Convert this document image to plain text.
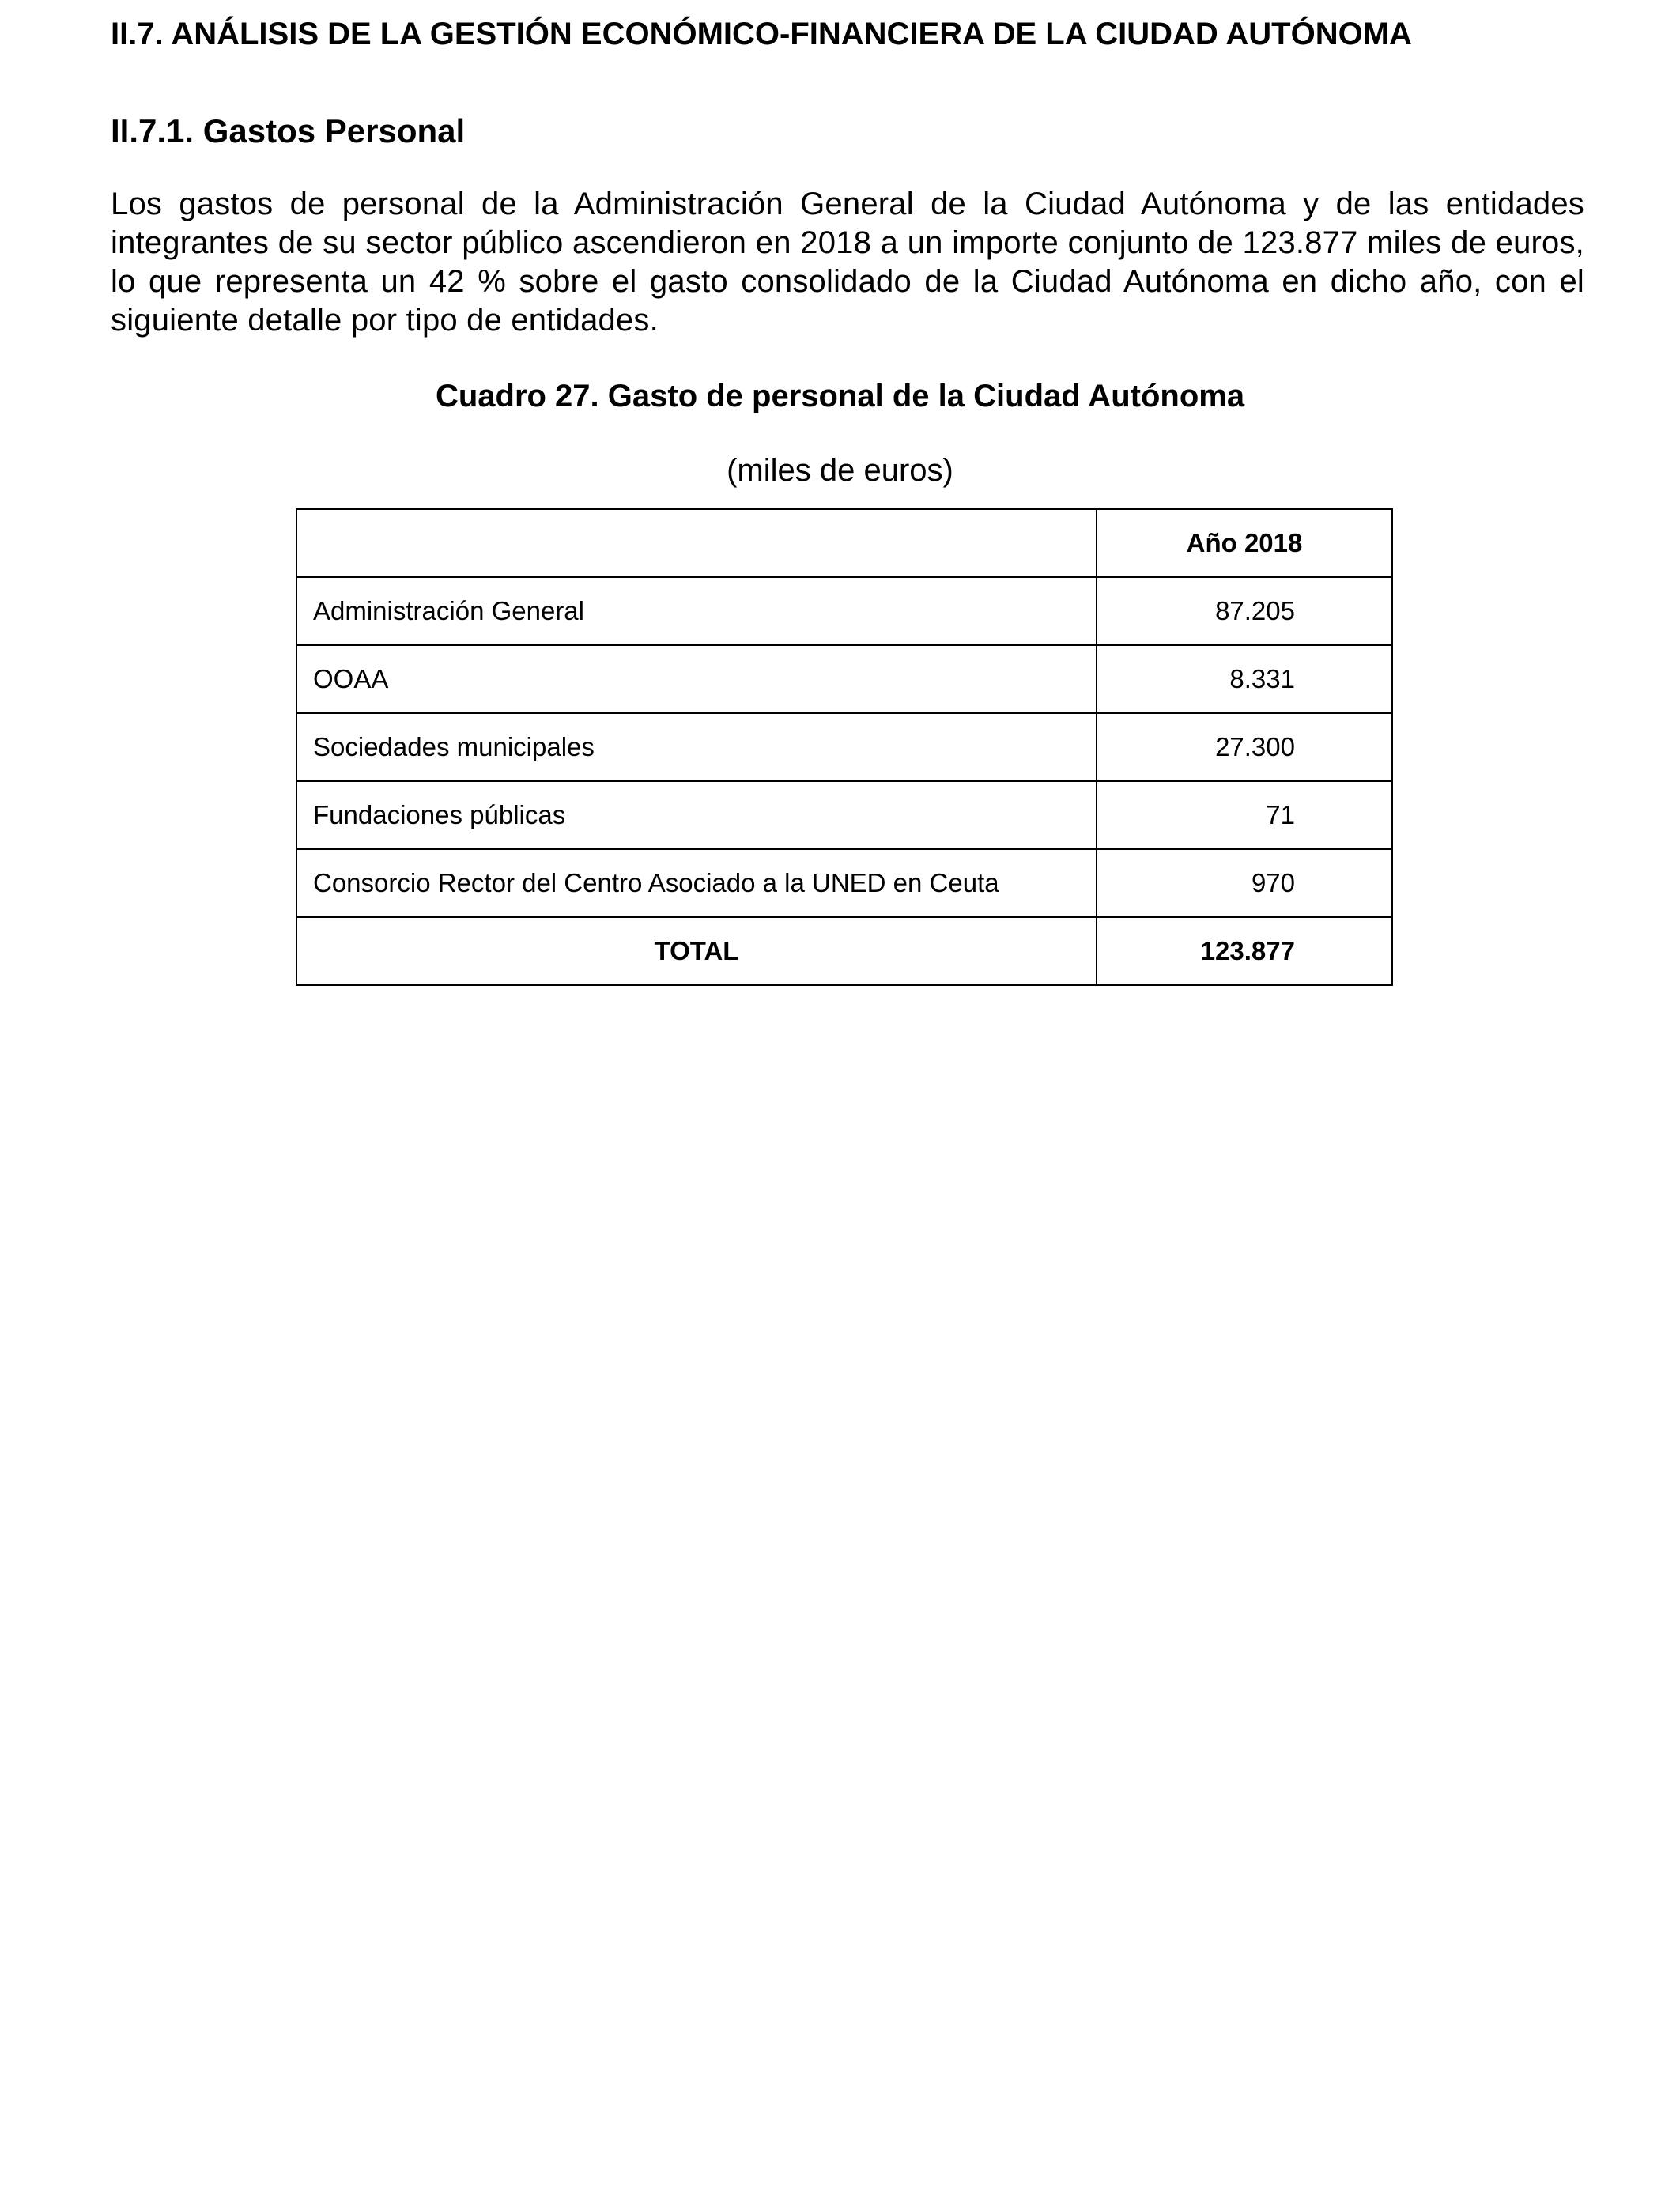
II.7. ANÁLISIS DE LA GESTIÓN ECONÓMICO-FINANCIERA DE LA CIUDAD AUTÓNOMA
II.7.1. Gastos Personal
Los gastos de personal de la Administración General de la Ciudad Autónoma y de las entidades integrantes de su sector público ascendieron en 2018 a un importe conjunto de 123.877 miles de euros, lo que representa un 42 % sobre el gasto consolidado de la Ciudad Autónoma en dicho año, con el siguiente detalle por tipo de entidades.
Cuadro 27. Gasto de personal de la Ciudad Autónoma
(miles de euros)
	Año 2018
Administración General	87.205
OOAA	8.331
Sociedades municipales	27.300
Fundaciones públicas	71
Consorcio Rector del Centro Asociado a la UNED en Ceuta	970
TOTAL	123.877
